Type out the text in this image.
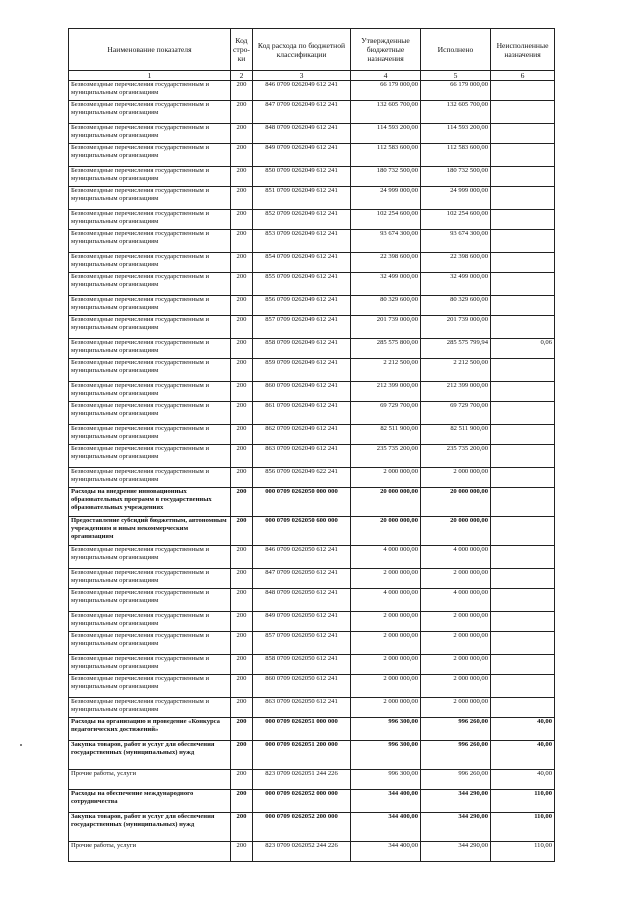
Наименование показателя	Код стро-ки	Код расхода по бюджетной классификации	Утвержденные бюджетные назначения	Исполнено	Неисполненные назначения
1	2	3	4	5	6
Безвозмездные перечисления государственным и муниципальным организациям	200	846 0709 0262049 612 241	66 179 000,00	66 179 000,00	
Безвозмездные перечисления государственным и муниципальным организациям	200	847 0709 0262049 612 241	132 605 700,00	132 605 700,00	
Безвозмездные перечисления государственным и муниципальным организациям	200	848 0709 0262049 612 241	114 593 200,00	114 593 200,00	
Безвозмездные перечисления государственным и муниципальным организациям	200	849 0709 0262049 612 241	112 583 600,00	112 583 600,00	
Безвозмездные перечисления государственным и муниципальным организациям	200	850 0709 0262049 612 241	180 732 500,00	180 732 500,00	
Безвозмездные перечисления государственным и муниципальным организациям	200	851 0709 0262049 612 241	24 999 000,00	24 999 000,00	
Безвозмездные перечисления государственным и муниципальным организациям	200	852 0709 0262049 612 241	102 254 600,00	102 254 600,00	
Безвозмездные перечисления государственным и муниципальным организациям	200	853 0709 0262049 612 241	93 674 300,00	93 674 300,00	
Безвозмездные перечисления государственным и муниципальным организациям	200	854 0709 0262049 612 241	22 398 600,00	22 398 600,00	
Безвозмездные перечисления государственным и муниципальным организациям	200	855 0709 0262049 612 241	32 499 000,00	32 499 000,00	
Безвозмездные перечисления государственным и муниципальным организациям	200	856 0709 0262049 612 241	80 329 600,00	80 329 600,00	
Безвозмездные перечисления государственным и муниципальным организациям	200	857 0709 0262049 612 241	201 739 000,00	201 739 000,00	
Безвозмездные перечисления государственным и муниципальным организациям	200	858 0709 0262049 612 241	285 575 800,00	285 575 799,94	0,06
Безвозмездные перечисления государственным и муниципальным организациям	200	859 0709 0262049 612 241	2 212 500,00	2 212 500,00	
Безвозмездные перечисления государственным и муниципальным организациям	200	860 0709 0262049 612 241	212 399 000,00	212 399 000,00	
Безвозмездные перечисления государственным и муниципальным организациям	200	861 0709 0262049 612 241	69 729 700,00	69 729 700,00	
Безвозмездные перечисления государственным и муниципальным организациям	200	862 0709 0262049 612 241	82 511 900,00	82 511 900,00	
Безвозмездные перечисления государственным и муниципальным организациям	200	863 0709 0262049 612 241	235 735 200,00	235 735 200,00	
Безвозмездные перечисления государственным и муниципальным организациям	200	856 0709 0262049 622 241	2 000 000,00	2 000 000,00	
Расходы на внедрение инновационных образовательных программ в государственных образовательных учреждениях	200	000 0709 0262050 000 000	20 000 000,00	20 000 000,00	
Предоставление субсидий бюджетным, автономным учреждениям и иным некоммерческим организациям	200	000 0709 0262050 600 000	20 000 000,00	20 000 000,00	
Безвозмездные перечисления государственным и муниципальным организациям	200	846 0709 0262050 612 241	4 000 000,00	4 000 000,00	
Безвозмездные перечисления государственным и муниципальным организациям	200	847 0709 0262050 612 241	2 000 000,00	2 000 000,00	
Безвозмездные перечисления государственным и муниципальным организациям	200	848 0709 0262050 612 241	4 000 000,00	4 000 000,00	
Безвозмездные перечисления государственным и муниципальным организациям	200	849 0709 0262050 612 241	2 000 000,00	2 000 000,00	
Безвозмездные перечисления государственным и муниципальным организациям	200	857 0709 0262050 612 241	2 000 000,00	2 000 000,00	
Безвозмездные перечисления государственным и муниципальным организациям	200	858 0709 0262050 612 241	2 000 000,00	2 000 000,00	
Безвозмездные перечисления государственным и муниципальным организациям	200	860 0709 0262050 612 241	2 000 000,00	2 000 000,00	
Безвозмездные перечисления государственным и муниципальным организациям	200	863 0709 0262050 612 241	2 000 000,00	2 000 000,00	
Расходы на организацию и проведение «Конкурса педагогических достижений»	200	000 0709 0262051 000 000	996 300,00	996 260,00	40,00
Закупка товаров, работ и услуг для обеспечения государственных (муниципальных) нужд	200	000 0709 0262051 200 000	996 300,00	996 260,00	40,00
Прочие работы, услуги	200	823 0709 0262051 244 226	996 300,00	996 260,00	40,00
Расходы на обеспечение международного сотрудничества	200	000 0709 0262052 000 000	344 400,00	344 290,00	110,00
Закупка товаров, работ и услуг для обеспечения государственных (муниципальных) нужд	200	000 0709 0262052 200 000	344 400,00	344 290,00	110,00
Прочие работы, услуги	200	823 0709 0262052 244 226	344 400,00	344 290,00	110,00
